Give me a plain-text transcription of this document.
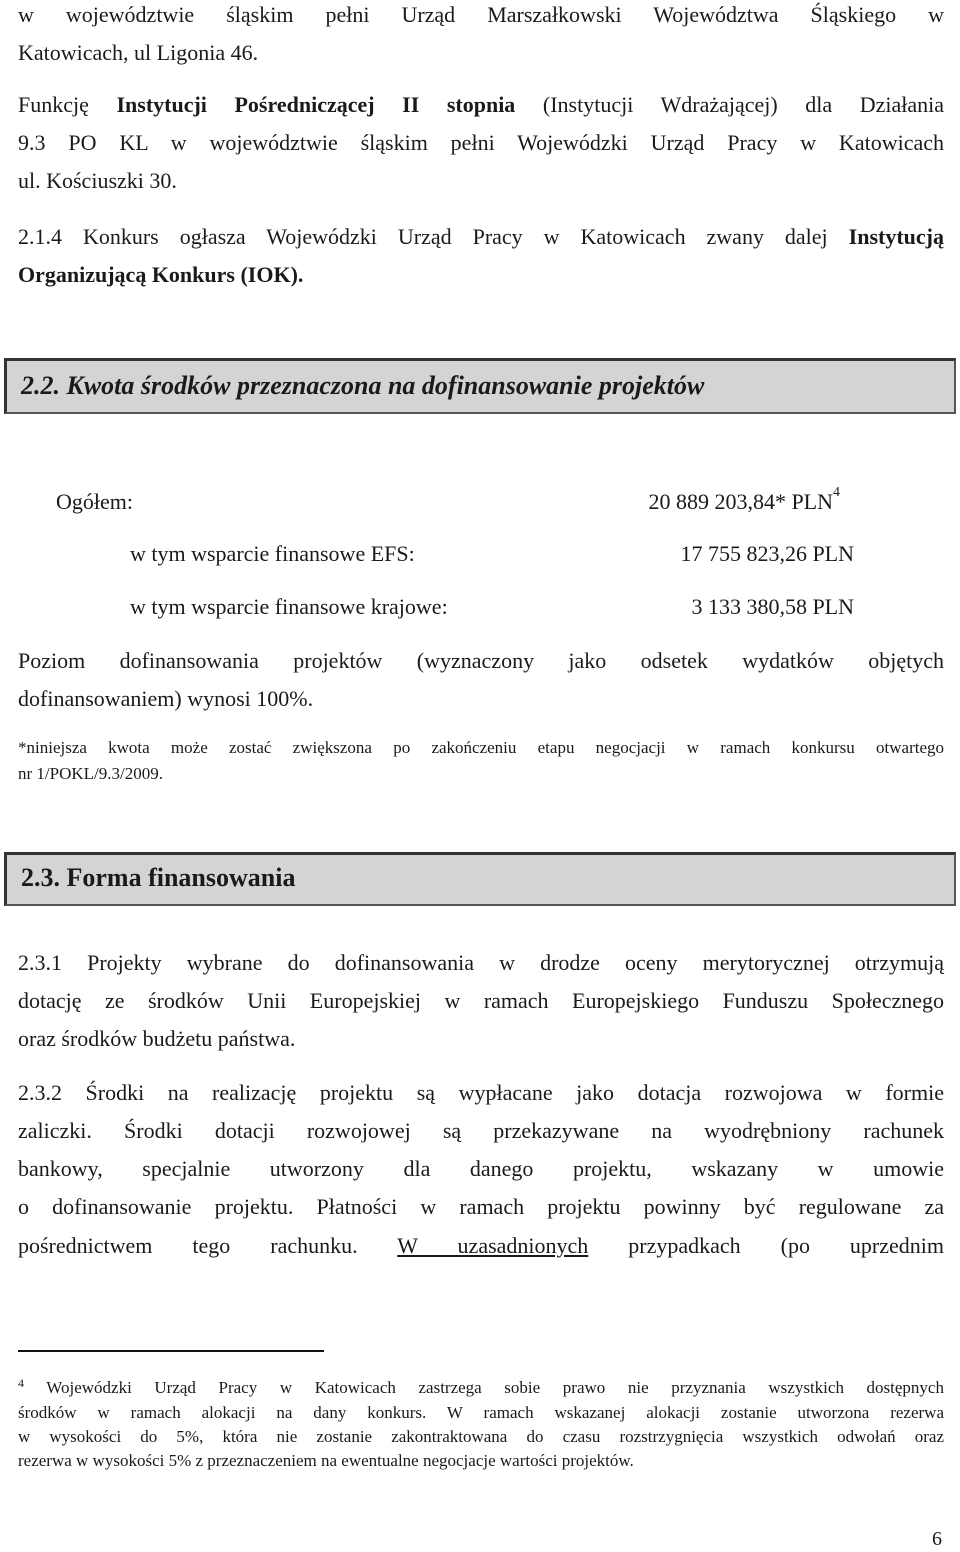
w województwie śląskim pełni Urząd Marszałkowski Województwa Śląskiego w
Katowicach, ul Ligonia 46.
Funkcję Instytucji Pośredniczącej II stopnia (Instytucji Wdrażającej) dla Działania
9.3 PO KL w województwie śląskim pełni Wojewódzki Urząd Pracy w Katowicach
ul. Kościuszki 30.
2.1.4 Konkurs ogłasza Wojewódzki Urząd Pracy w Katowicach zwany dalej Instytucją
Organizującą Konkurs (IOK).
2.2. Kwota środków przeznaczona na dofinansowanie projektów
Ogółem:	20 889 203,84* PLN$^4$
w tym wsparcie finansowe EFS:	17 755 823,26 PLN
w tym wsparcie finansowe krajowe:	3 133 380,58 PLN
Poziom dofinansowania projektów (wyznaczony jako odsetek wydatków objętych
dofinansowaniem) wynosi 100%.
*niniejsza kwota może zostać zwiększona po zakończeniu etapu negocjacji w ramach konkursu otwartego
nr 1/POKL/9.3/2009.
2.3. Forma finansowania
2.3.1 Projekty wybrane do dofinansowania w drodze oceny merytorycznej otrzymują
dotację ze środków Unii Europejskiej w ramach Europejskiego Funduszu Społecznego
oraz środków budżetu państwa.
2.3.2 Środki na realizację projektu są wypłacane jako dotacja rozwojowa w formie
zaliczki. Środki dotacji rozwojowej są przekazywane na wyodrębniony rachunek
bankowy, specjalnie utworzony dla danego projektu, wskazany w umowie
o dofinansowanie projektu. Płatności w ramach projektu powinny być regulowane za
pośrednictwem tego rachunku. W uzasadnionych przypadkach (po uprzednim
$^4$ Wojewódzki Urząd Pracy w Katowicach zastrzega sobie prawo nie przyznania wszystkich dostępnych
środków w ramach alokacji na dany konkurs. W ramach wskazanej alokacji zostanie utworzona rezerwa
w wysokości do 5%, która nie zostanie zakontraktowana do czasu rozstrzygnięcia wszystkich odwołań oraz
rezerwa w wysokości 5% z przeznaczeniem na ewentualne negocjacje wartości projektów.
6
